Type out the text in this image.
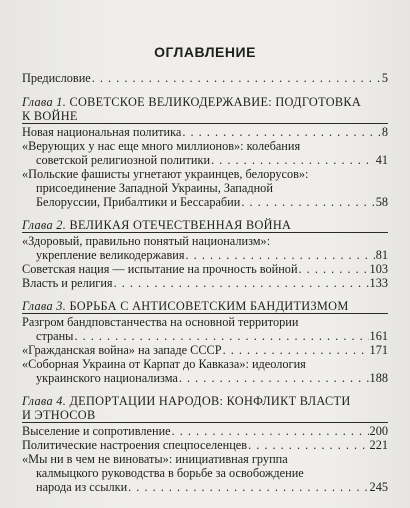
ОГЛАВЛЕНИЕ
Предисловие . . .	5
Глава 1. СОВЕТСКОЕ ВЕЛИКОДЕРЖАВИЕ: ПОДГОТОВКА
К ВОЙНЕ
Новая национальная политика . . .	8
«Верующих у нас еще много миллионов»: колебания
советской религиозной политики . . .	41
«Польские фашисты угнетают украинцев, белорусов»:
присоединение Западной Украины, Западной
Белоруссии, Прибалтики и Бессарабии . . .	58
Глава 2. ВЕЛИКАЯ ОТЕЧЕСТВЕННАЯ ВОЙНА
«Здоровый, правильно понятый национализм»:
укрепление великодержавия . . .	81
Советская нация — испытание на прочность войной . . .	103
Власть и религия . . .	133
Глава 3. БОРЬБА С АНТИСОВЕТСКИМ БАНДИТИЗМОМ
Разгром бандповстанчества на основной территории
страны . . .	161
«Гражданская война» на западе СССР . . .	171
«Соборная Украина от Карпат до Кавказа»: идеология
украинского национализма . . .	188
Глава 4. ДЕПОРТАЦИИ НАРОДОВ: КОНФЛИКТ ВЛАСТИ
И ЭТНОСОВ
Выселение и сопротивление . . .	200
Политические настроения спецпоселенцев . . .	221
«Мы ни в чем не виноваты»: инициативная группа
калмыцкого руководства в борьбе за освобождение
народа из ссылки . . .	245
